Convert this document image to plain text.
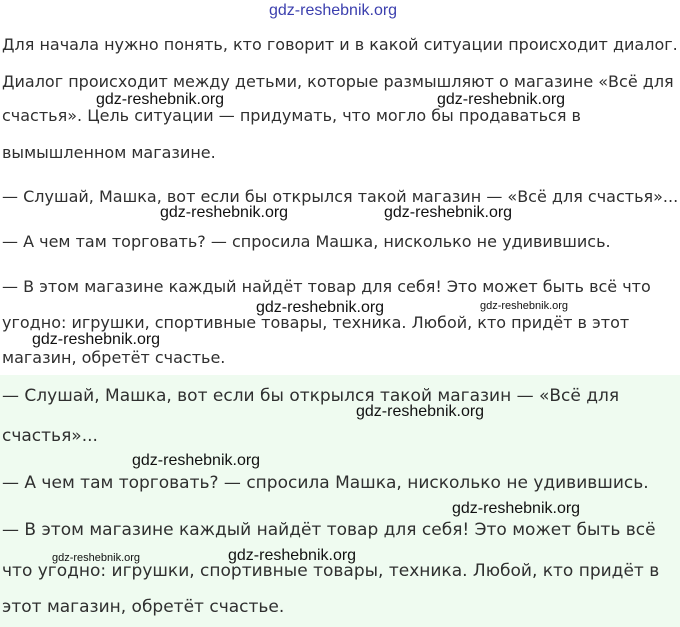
gdz-reshebnik.org
Для начала нужно понять, кто говорит и в какой ситуации происходит диалог.
Диалог происходит между детьми, которые размышляют о магазине «Всё для
счастья». Цель ситуации — придумать, что могло бы продаваться в
вымышленном магазине.
— Слушай, Машка, вот если бы открылся такой магазин — «Всё для счастья»...
— А чем там торговать? — спросила Машка, нисколько не удивившись.
— В этом магазине каждый найдёт товар для себя! Это может быть всё что
угодно: игрушки, спортивные товары, техника. Любой, кто придёт в этот
магазин, обретёт счастье.
— Слушай, Машка, вот если бы открылся такой магазин — «Всё для
счастья»...
— А чем там торговать? — спросила Машка, нисколько не удивившись.
— В этом магазине каждый найдёт товар для себя! Это может быть всё
что угодно: игрушки, спортивные товары, техника. Любой, кто придёт в
этот магазин, обретёт счастье.
gdz-reshebnik.org	gdz-reshebnik.org
gdz-reshebnik.org	gdz-reshebnik.org
gdz-reshebnik.org	gdz-reshebnik.org
gdz-reshebnik.org
gdz-reshebnik.org
gdz-reshebnik.org
gdz-reshebnik.org
gdz-reshebnik.org
gdz-reshebnik.org
